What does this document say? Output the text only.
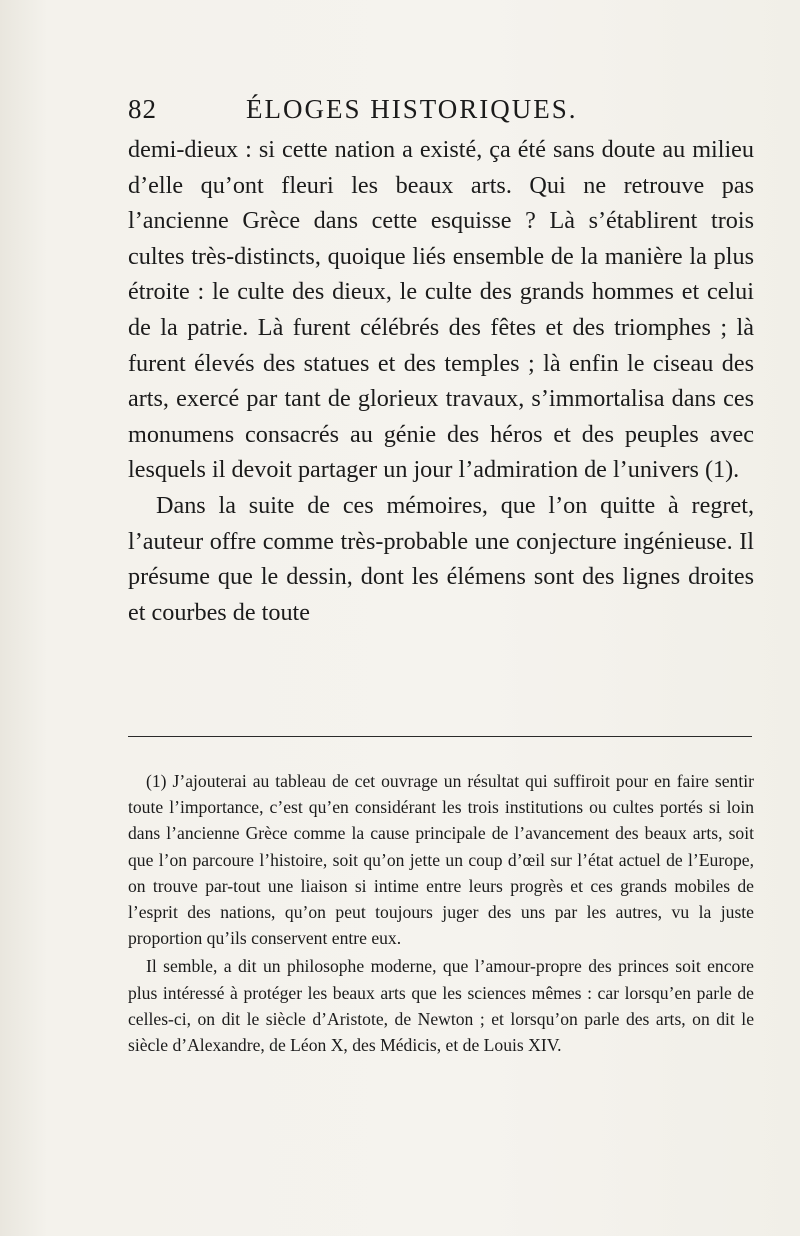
82	ÉLOGES HISTORIQUES.

demi-dieux : si cette nation a existé, ça été sans doute au milieu d’elle qu’ont fleuri les beaux arts. Qui ne retrouve pas l’ancienne Grèce dans cette esquisse ? Là s’établirent trois cultes très-distincts, quoique liés ensemble de la manière la plus étroite : le culte des dieux, le culte des grands hommes et celui de la patrie. Là furent célébrés des fêtes et des triomphes ; là furent élevés des statues et des temples ; là enfin le ciseau des arts, exercé par tant de glorieux travaux, s’immortalisa dans ces monumens consacrés au génie des héros et des peuples avec lesquels il devoit partager un jour l’admiration de l’univers (1).

Dans la suite de ces mémoires, que l’on quitte à regret, l’auteur offre comme très-probable une conjecture ingénieuse. Il présume que le dessin, dont les élémens sont des lignes droites et courbes de toute

(1) J’ajouterai au tableau de cet ouvrage un résultat qui suffiroit pour en faire sentir toute l’importance, c’est qu’en considérant les trois institutions ou cultes portés si loin dans l’ancienne Grèce comme la cause principale de l’avancement des beaux arts, soit que l’on parcoure l’histoire, soit qu’on jette un coup d’œil sur l’état actuel de l’Europe, on trouve par-tout une liaison si intime entre leurs progrès et ces grands mobiles de l’esprit des nations, qu’on peut toujours juger des uns par les autres, vu la juste proportion qu’ils conservent entre eux.

Il semble, a dit un philosophe moderne, que l’amour-propre des princes soit encore plus intéressé à protéger les beaux arts que les sciences mêmes : car lorsqu’en parle de celles-ci, on dit le siècle d’Aristote, de Newton ; et lorsqu’on parle des arts, on dit le siècle d’Alexandre, de Léon X, des Médicis, et de Louis XIV.
